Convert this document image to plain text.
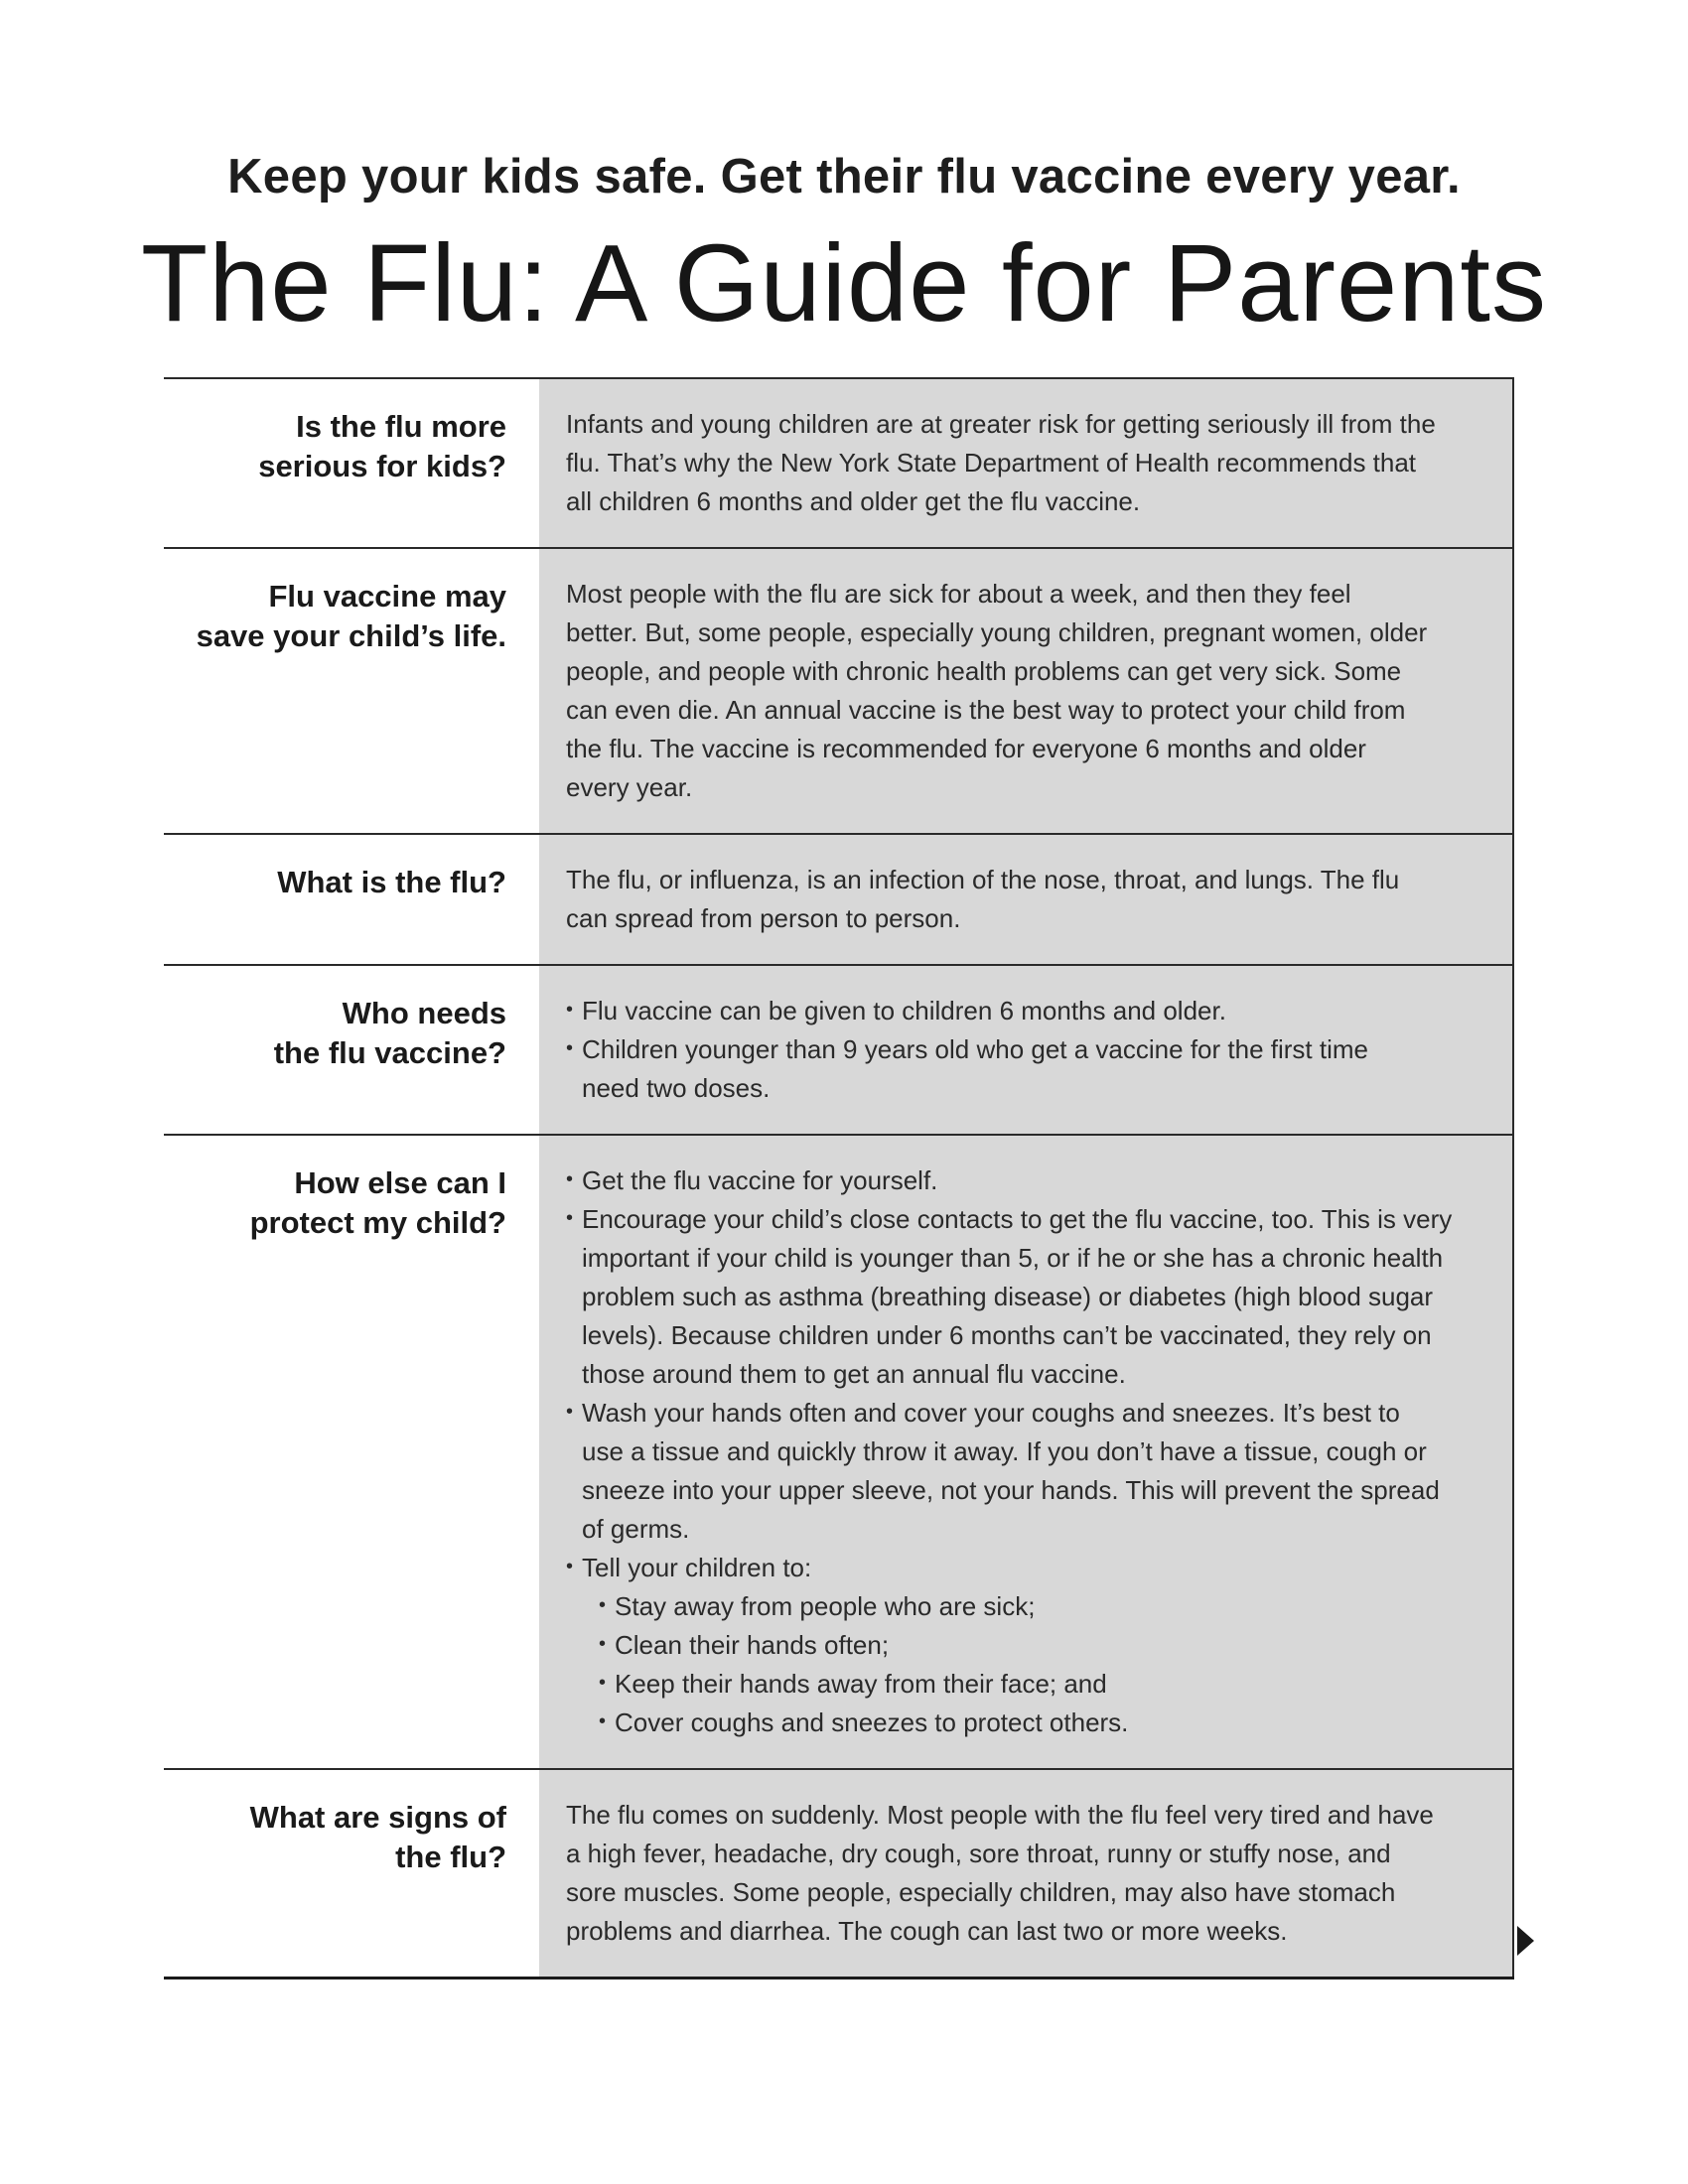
Keep your kids safe. Get their flu vaccine every year.
The Flu: A Guide for Parents
Is the flu more
serious for kids?
Infants and young children are at greater risk for getting seriously ill from the
flu. That’s why the New York State Department of Health recommends that
all children 6 months and older get the flu vaccine.
Flu vaccine may
save your child’s life.
Most people with the flu are sick for about a week, and then they feel
better. But, some people, especially young children, pregnant women, older
people, and people with chronic health problems can get very sick. Some
can even die. An annual vaccine is the best way to protect your child from
the flu. The vaccine is recommended for everyone 6 months and older
every year.
What is the flu? The flu, or influenza, is an infection of the nose, throat, and lungs. The flu
can spread from person to person.
Who needs
the flu vaccine?
• Flu vaccine can be given to children 6 months and older.
• Children younger than 9 years old who get a vaccine for the first time
need two doses.
How else can I
protect my child?
• Get the flu vaccine for yourself.
• Encourage your child’s close contacts to get the flu vaccine, too. This is very
important if your child is younger than 5, or if he or she has a chronic health
problem such as asthma (breathing disease) or diabetes (high blood sugar
levels). Because children under 6 months can’t be vaccinated, they rely on
those around them to get an annual flu vaccine.
• Wash your hands often and cover your coughs and sneezes. It’s best to
use a tissue and quickly throw it away. If you don’t have a tissue, cough or
sneeze into your upper sleeve, not your hands. This will prevent the spread
of germs.
• Tell your children to:
• Stay away from people who are sick;
• Clean their hands often;
• Keep their hands away from their face; and
• Cover coughs and sneezes to protect others.
What are signs of
the flu?
The flu comes on suddenly. Most people with the flu feel very tired and have
a high fever, headache, dry cough, sore throat, runny or stuffy nose, and
sore muscles. Some people, especially children, may also have stomach
problems and diarrhea. The cough can last two or more weeks.
